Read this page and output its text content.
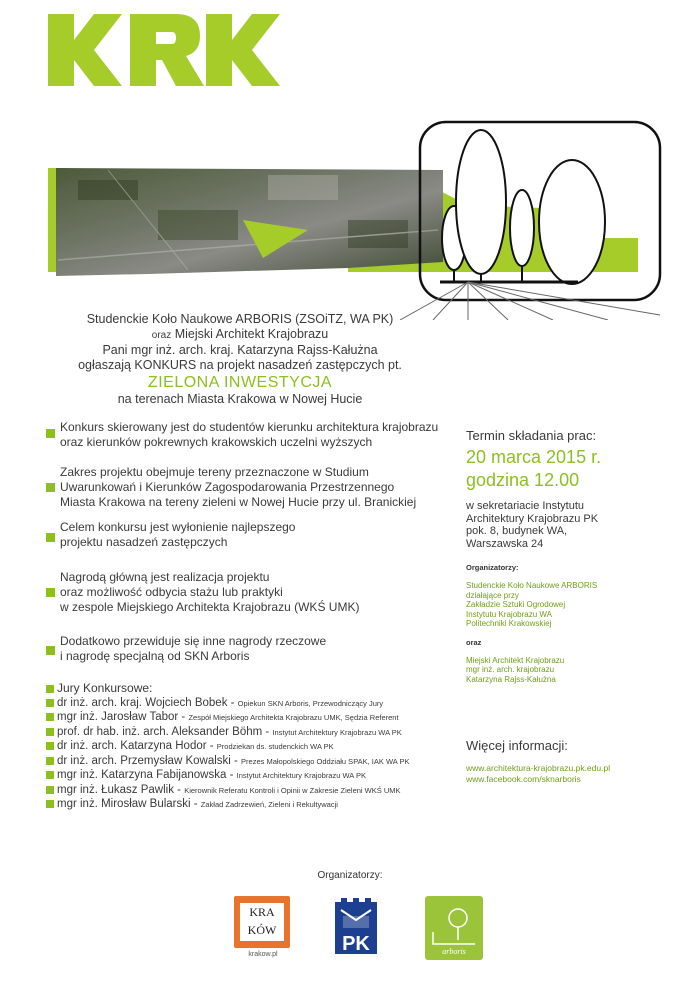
Studenckie Koło Naukowe ARBORIS (ZSOiTZ, WA PK)
oraz Miejski Architekt Krajobrazu
Pani mgr inż. arch. kraj. Katarzyna Rajss-Kałużna
ogłaszają KONKURS na projekt nasadzeń zastępczych pt.
ZIELONA INWESTYCJA
na terenach Miasta Krakowa w Nowej Hucie
Konkurs skierowany jest do studentów kierunku architektura krajobrazu
oraz kierunków pokrewnych krakowskich uczelni wyższych
Zakres projektu obejmuje tereny przeznaczone w Studium
Uwarunkowań i Kierunków Zagospodarowania Przestrzennego
Miasta Krakowa na tereny zieleni w Nowej Hucie przy ul. Branickiej
Celem konkursu jest wyłonienie najlepszego
projektu nasadzeń zastępczych
Nagrodą główną jest realizacja projektu
oraz możliwość odbycia stażu lub praktyki
w zespole Miejskiego Architekta Krajobrazu (WKŚ UMK)
Dodatkowo przewiduje się inne nagrody rzeczowe
i nagrodę specjalną od SKN Arboris
Jury Konkursowe:
dr inż. arch. kraj. Wojciech Bobek - Opiekun SKN Arboris, Przewodniczący Jury
mgr inż. Jarosław Tabor - Zespół Miejskiego Architekta Krajobrazu UMK, Sędzia Referent
prof. dr hab. inż. arch. Aleksander Böhm - Instytut Architektury Krajobrazu WA PK
dr inż. arch. Katarzyna Hodor - Prodziekan ds. studenckich WA PK
dr inż. arch. Przemysław Kowalski - Prezes Małopolskiego Oddziału SPAK, IAK WA PK
mgr inż. Katarzyna Fabijanowska - Instytut Architektury Krajobrazu WA PK
mgr inż. Łukasz Pawlik - Kierownik Referatu Kontroli i Opinii w Zakresie Zieleni WKŚ UMK
mgr inż. Mirosław Bularski - Zakład Zadrzewień, Zieleni i Rekultywacji
Termin składania prac:
20 marca 2015 r.
godzina 12.00
w sekretariacie Instytutu
Architektury Krajobrazu PK
pok. 8, budynek WA,
Warszawska 24
Organizatorzy:
Studenckie Koło Naukowe ARBORIS
działające przy
Zakładzie Sztuki Ogrodowej
Instytutu Krajobrazu WA
Politechniki Krakowskiej
oraz
Miejski Architekt Krajobrazu
mgr inż. arch. krajobrazu
Katarzyna Rajss-Kałużna
Więcej informacji:
www.architektura-krajobrazu.pk.edu.pl
www.facebook.com/sknarboris
Organizatorzy:
KRA
KÓW
krakow.pl	PK	arboris
